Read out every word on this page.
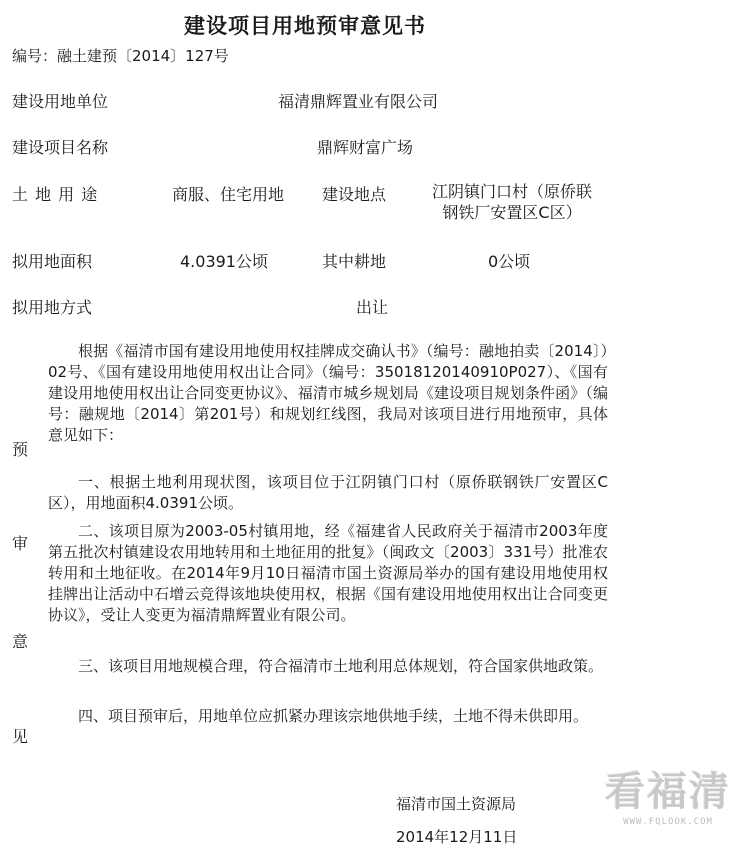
建设项目用地预审意见书
编号：融土建预〔2014〕127号
建设用地单位	福清鼎辉置业有限公司
建设项目名称	鼎辉财富广场
土 地 用 途	商服、住宅用地 建设地点	江阴镇门口村（原侨联
钢铁厂安置区C区）
拟用地面积	4.0391公顷	其中耕地	0公顷
拟用地方式	出让
预
审
意
见

根据《福清市国有建设用地使用权挂牌成交确认书》（编号：融地拍卖〔2014〕）02号、《国有建设用地使用权出让合同》（编号：35018120140910P027）、《国有建设用地使用权出让合同变更协议》、福清市城乡规划局《建设项目规划条件函》（编号：融规地〔2014〕第201号）和规划红线图，我局对该项目进行用地预审，具体意见如下：

一、根据土地利用现状图，该项目位于江阴镇门口村（原侨联钢铁厂安置区C区），用地面积4.0391公顷。

二、该项目原为2003-05村镇用地，经《福建省人民政府关于福清市2003年度第五批次村镇建设农用地转用和土地征用的批复》（闽政文〔2003〕331号）批准农转用和土地征收。在2014年9月10日福清市国土资源局举办的国有建设用地使用权挂牌出让活动中石增云竞得该地块使用权，根据《国有建设用地使用权出让合同变更协议》，受让人变更为福清鼎辉置业有限公司。

三、该项目用地规模合理，符合福清市土地利用总体规划，符合国家供地政策。

四、项目预审后，用地单位应抓紧办理该宗地供地手续，土地不得未供即用。

福清市国土资源局
2014年12月11日
看福清
WWW.FQLOOK.COM
